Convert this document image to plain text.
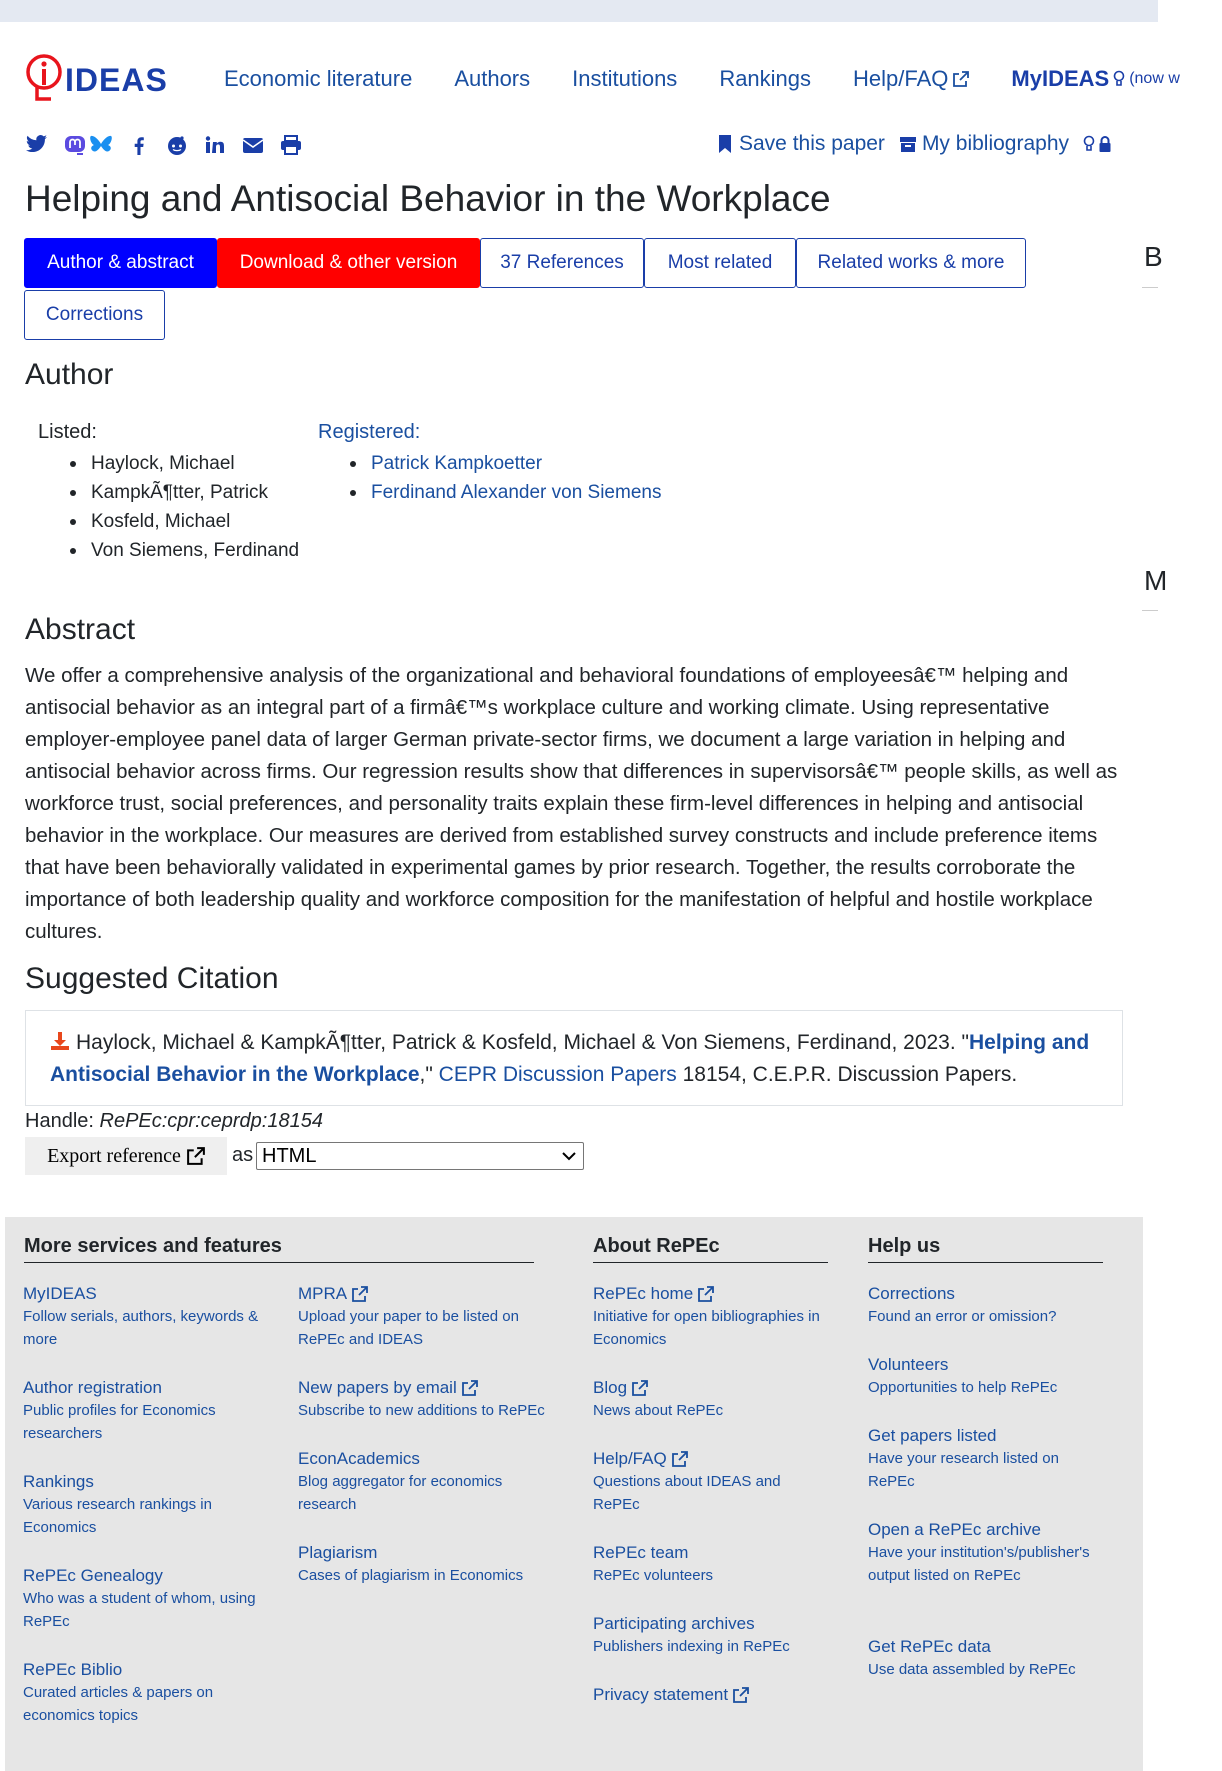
IDEAS	Economic literature Authors Institutions Rankings Help/FAQ	MyIDEAS (now w
Save this paper My bibliography
Helping and Antisocial Behavior in the Workplace
Author & abstract	Download & other version	37 References	Most related	Related works & more
Corrections
B
M
Author
Listed:
Haylock, Michael
KampkÃ¶tter, Patrick
Kosfeld, Michael
Von Siemens, Ferdinand
Registered:
Patrick Kampkoetter
Ferdinand Alexander von Siemens
Abstract

We offer a comprehensive analysis of the organizational and behavioral foundations of employeesâ€™ helping and antisocial behavior as an integral part of a firmâ€™s workplace culture and working climate. Using representative employer-employee panel data of larger German private-sector firms, we document a large variation in helping and antisocial behavior across firms. Our regression results show that differences in supervisorsâ€™ people skills, as well as workforce trust, social preferences, and personality traits explain these firm-level differences in helping and antisocial behavior in the workplace. Our measures are derived from established survey constructs and include preference items that have been behaviorally validated in experimental games by prior research. Together, the results corroborate the importance of both leadership quality and workforce composition for the manifestation of helpful and hostile workplace cultures.

Suggested Citation
Haylock, Michael & KampkÃ¶tter, Patrick & Kosfeld, Michael & Von Siemens, Ferdinand, 2023. "Helping and Antisocial Behavior in the Workplace," CEPR Discussion Papers 18154, C.E.P.R. Discussion Papers.
Handle: RePEc:cpr:ceprdp:18154
Export reference	as HTML
More services and features	About RePEc	Help us
MyIDEAS
Follow serials, authors, keywords & more
Author registration
Public profiles for Economics researchers
Rankings
Various research rankings in Economics
RePEc Genealogy
Who was a student of whom, using RePEc
RePEc Biblio
Curated articles & papers on economics topics
MPRA
Upload your paper to be listed on RePEc and IDEAS
New papers by email
Subscribe to new additions to RePEc
EconAcademics
Blog aggregator for economics research
Plagiarism
Cases of plagiarism in Economics
RePEc home
Initiative for open bibliographies in Economics
Blog
News about RePEc
Help/FAQ
Questions about IDEAS and RePEc
RePEc team
RePEc volunteers
Participating archives
Publishers indexing in RePEc
Privacy statement
Corrections
Found an error or omission?
Volunteers
Opportunities to help RePEc
Get papers listed
Have your research listed on RePEc
Open a RePEc archive
Have your institution's/publisher's output listed on RePEc
Get RePEc data
Use data assembled by RePEc
